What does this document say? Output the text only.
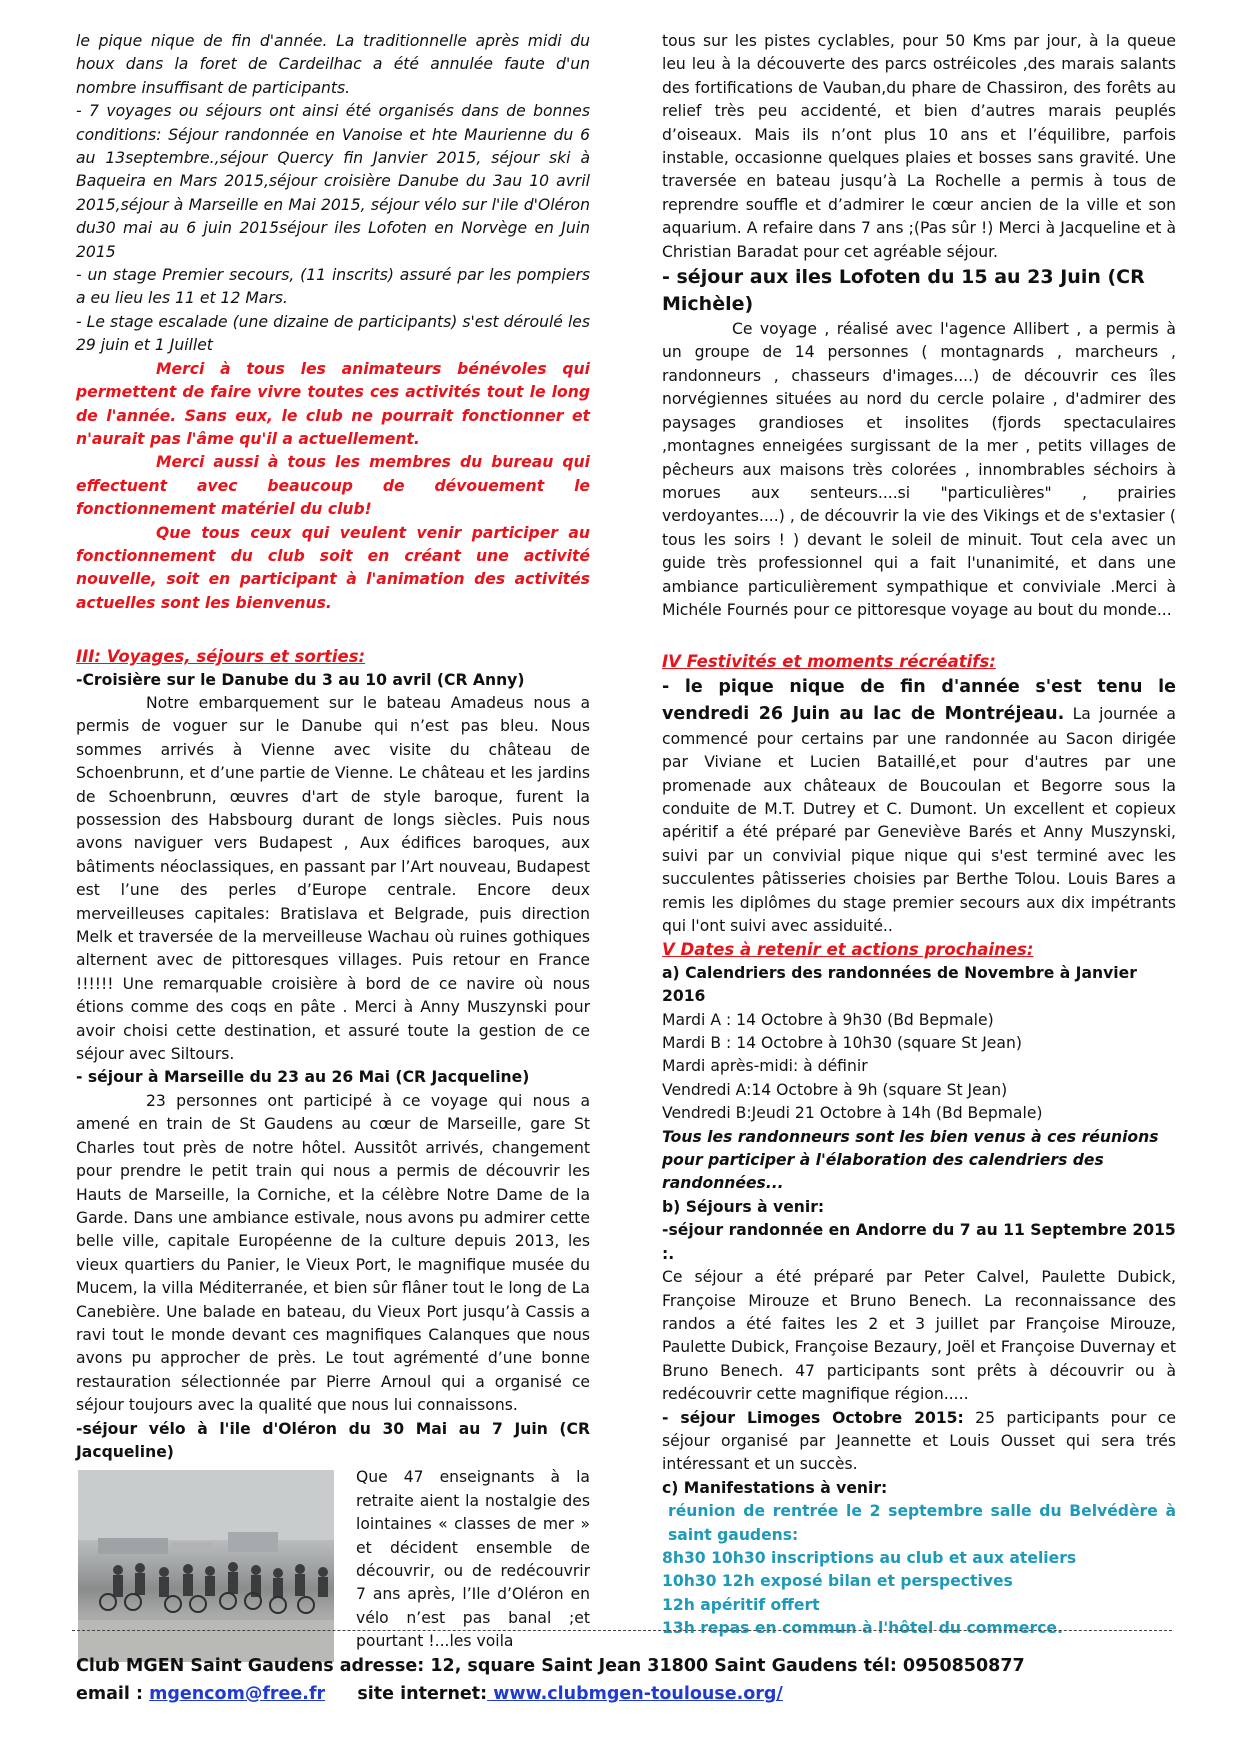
le pique nique de fin d'année. La traditionnelle après midi du houx dans la foret de Cardeilhac a été annulée faute d'un nombre insuffisant de participants.

- 7 voyages ou séjours ont ainsi été organisés dans de bonnes conditions: Séjour randonnée en Vanoise et hte Maurienne du 6 au 13septembre.,séjour Quercy fin Janvier 2015, séjour ski à Baqueira en Mars 2015,séjour croisière Danube du 3au 10 avril 2015,séjour à Marseille en Mai 2015, séjour vélo sur l'ile d'Oléron du30 mai au 6 juin 2015séjour iles Lofoten en Norvège en Juin 2015

- un stage Premier secours, (11 inscrits) assuré par les pompiers a eu lieu les 11 et 12 Mars.

- Le stage escalade (une dizaine de participants) s'est déroulé les 29 juin et 1 Juillet

Merci à tous les animateurs bénévoles qui permettent de faire vivre toutes ces activités tout le long de l'année. Sans eux, le club ne pourrait fonctionner et n'aurait pas l'âme qu'il a actuellement.

Merci aussi à tous les membres du bureau qui effectuent avec beaucoup de dévouement le fonctionnement matériel du club!

Que tous ceux qui veulent venir participer au fonctionnement du club soit en créant une activité nouvelle, soit en participant à l'animation des activités actuelles sont les bienvenus.

III: Voyages, séjours et sorties:

-Croisière sur le Danube du 3 au 10 avril (CR Anny)

Notre embarquement sur le bateau Amadeus nous a permis de voguer sur le Danube qui n’est pas bleu. Nous sommes arrivés à Vienne avec visite du château de Schoenbrunn, et d’une partie de Vienne. Le château et les jardins de Schoenbrunn, œuvres d'art de style baroque, furent la possession des Habsbourg durant de longs siècles. Puis nous avons naviguer vers Budapest , Aux édifices baroques, aux bâtiments néoclassiques, en passant par l’Art nouveau, Budapest est l’une des perles d’Europe centrale. Encore deux merveilleuses capitales: Bratislava et Belgrade, puis direction Melk et traversée de la merveilleuse Wachau où ruines gothiques alternent avec de pittoresques villages. Puis retour en France !!!!!! Une remarquable croisière à bord de ce navire où nous étions comme des coqs en pâte . Merci à Anny Muszynski pour avoir choisi cette destination, et assuré toute la gestion de ce séjour avec Siltours.

- séjour à Marseille du 23 au 26 Mai (CR Jacqueline)

23 personnes ont participé à ce voyage qui nous a amené en train de St Gaudens au cœur de Marseille, gare St Charles tout près de notre hôtel. Aussitôt arrivés, changement pour prendre le petit train qui nous a permis de découvrir les Hauts de Marseille, la Corniche, et la célèbre Notre Dame de la Garde. Dans une ambiance estivale, nous avons pu admirer cette belle ville, capitale Européenne de la culture depuis 2013, les vieux quartiers du Panier, le Vieux Port, le magnifique musée du Mucem, la villa Méditerranée, et bien sûr flâner tout le long de La Canebière. Une balade en bateau, du Vieux Port jusqu’à Cassis a ravi tout le monde devant ces magnifiques Calanques que nous avons pu approcher de près. Le tout agrémenté d’une bonne restauration sélectionnée par Pierre Arnoul qui a organisé ce séjour toujours avec la qualité que nous lui connaissons.

-séjour vélo à l'ile d'Oléron du 30 Mai au 7 Juin (CR Jacqueline)

Que 47 enseignants à la retraite aient la nostalgie des lointaines « classes de mer » et décident ensemble de découvrir, ou de redécouvrir 7 ans après, l’Ile d’Oléron en vélo n’est pas banal ;et pourtant !...les voila

tous sur les pistes cyclables, pour 50 Kms par jour, à la queue leu leu à la découverte des parcs ostréicoles ,des marais salants des fortifications de Vauban,du phare de Chassiron, des forêts au relief très peu accidenté, et bien d’autres marais peuplés d’oiseaux. Mais ils n’ont plus 10 ans et l’équilibre, parfois instable, occasionne quelques plaies et bosses sans gravité. Une traversée en bateau jusqu’à La Rochelle a permis à tous de reprendre souffle et d’admirer le cœur ancien de la ville et son aquarium. A refaire dans 7 ans ;(Pas sûr !) Merci à Jacqueline et à Christian Baradat pour cet agréable séjour.

- séjour aux iles Lofoten du 15 au 23 Juin (CR Michèle)

Ce voyage , réalisé avec l'agence Allibert , a permis à un groupe de 14 personnes ( montagnards , marcheurs , randonneurs , chasseurs d'images....) de découvrir ces îles norvégiennes situées au nord du cercle polaire , d'admirer des paysages grandioses et insolites (fjords spectaculaires ,montagnes enneigées surgissant de la mer , petits villages de pêcheurs aux maisons très colorées , innombrables séchoirs à morues aux senteurs....si "particulières" , prairies verdoyantes....) , de découvrir la vie des Vikings et de s'extasier ( tous les soirs ! ) devant le soleil de minuit. Tout cela avec un guide très professionnel qui a fait l'unanimité, et dans une ambiance particulièrement sympathique et conviviale .Merci à Michéle Fournés pour ce pittoresque voyage au bout du monde...

IV Festivités et moments récréatifs:

- le pique nique de fin d'année s'est tenu le vendredi 26 Juin au lac de Montréjeau. La journée a commencé pour certains par une randonnée au Sacon dirigée par Viviane et Lucien Bataillé,et pour d'autres par une promenade aux châteaux de Boucoulan et Begorre sous la conduite de M.T. Dutrey et C. Dumont. Un excellent et copieux apéritif a été préparé par Geneviève Barés et Anny Muszynski, suivi par un convivial pique nique qui s'est terminé avec les succulentes pâtisseries choisies par Berthe Tolou. Louis Bares a remis les diplômes du stage premier secours aux dix impétrants qui l'ont suivi avec assiduité..

V Dates à retenir et actions prochaines:

a) Calendriers des randonnées de Novembre à Janvier 2016

Mardi A : 14 Octobre à 9h30 (Bd Bepmale)

Mardi B : 14 Octobre à 10h30 (square St Jean)

Mardi après-midi: à définir

Vendredi A:14 Octobre à 9h (square St Jean)

Vendredi B:Jeudi 21 Octobre à 14h (Bd Bepmale)

Tous les randonneurs sont les bien venus à ces réunions pour participer à l'élaboration des calendriers des randonnées...

b) Séjours à venir:

-séjour randonnée en Andorre du 7 au 11 Septembre 2015 :.

Ce séjour a été préparé par Peter Calvel, Paulette Dubick, Françoise Mirouze et Bruno Benech. La reconnaissance des randos a été faites les 2 et 3 juillet par Françoise Mirouze, Paulette Dubick, Françoise Bezaury, Joël et Françoise Duvernay et Bruno Benech. 47 participants sont prêts à découvrir ou à redécouvrir cette magnifique région.....

- séjour Limoges Octobre 2015: 25 participants pour ce séjour organisé par Jeannette et Louis Ousset qui sera trés intéressant et un succès.

c) Manifestations à venir:

réunion de rentrée le 2 septembre salle du Belvédère à saint gaudens:

8h30 10h30 inscriptions au club et aux ateliers

10h30 12h exposé bilan et perspectives

12h apéritif offert

13h repas en commun à l'hôtel du commerce.

Club MGEN Saint Gaudens adresse: 12, square Saint Jean 31800 Saint Gaudens tél: 0950850877
email : mgencom@free.fr site internet: www.clubmgen-toulouse.org/
